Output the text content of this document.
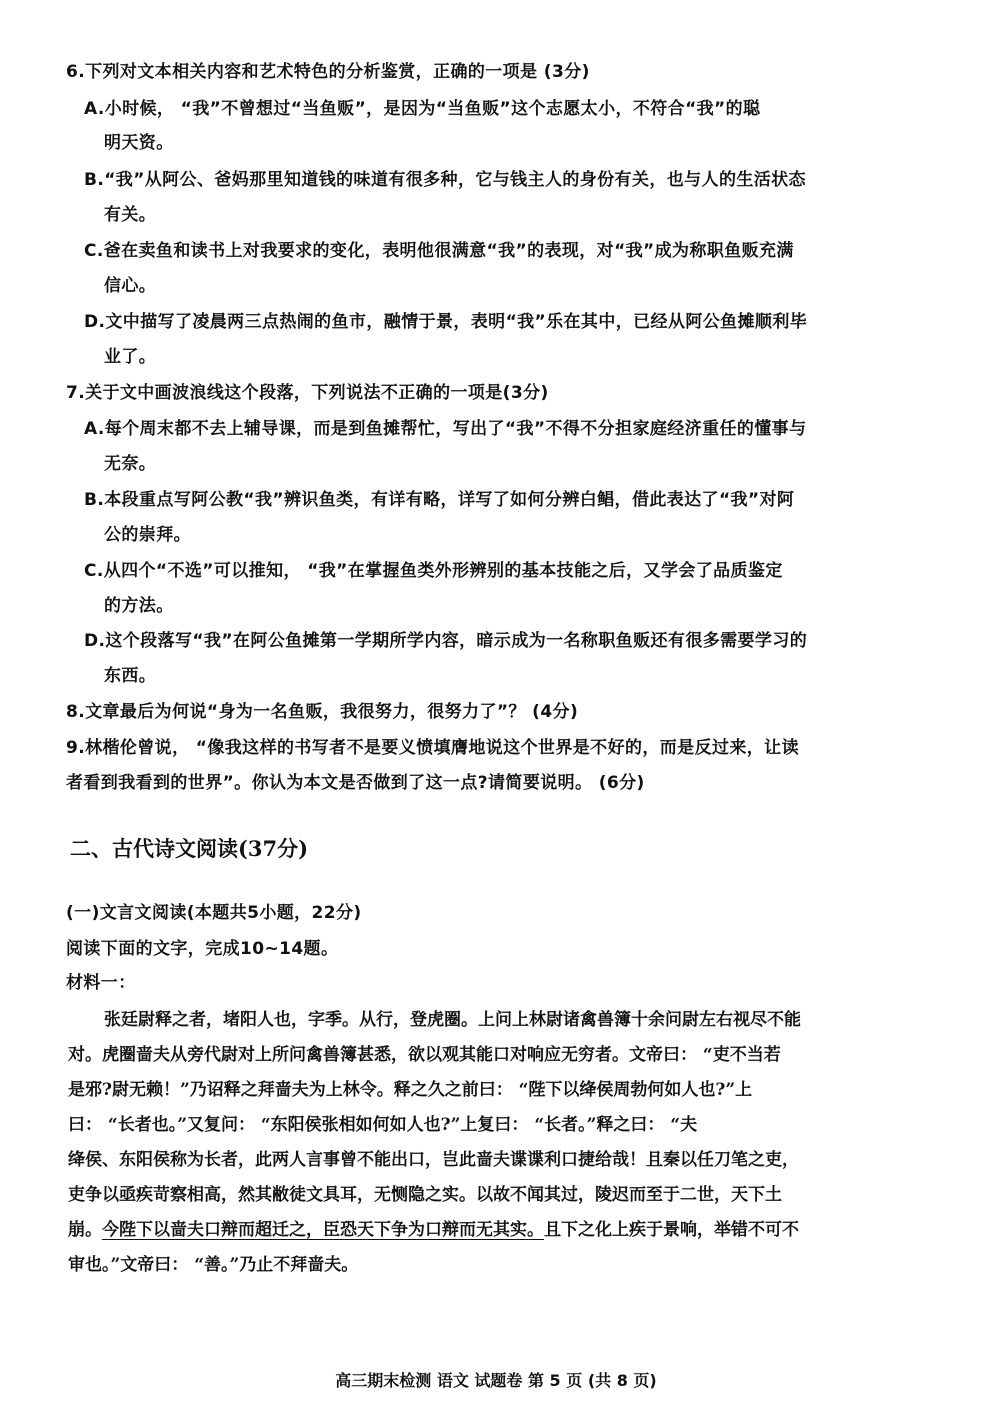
6.下列对文本相关内容和艺术特色的分析鉴赏，正确的一项是 (3分)
A.小时候， “我”不曾想过“当鱼贩”，是因为“当鱼贩”这个志愿太小，不符合“我”的聪
明天资。
B.“我”从阿公、爸妈那里知道钱的味道有很多种，它与钱主人的身份有关，也与人的生活状态
有关。
C.爸在卖鱼和读书上对我要求的变化，表明他很满意“我”的表现，对“我”成为称职鱼贩充满
信心。
D.文中描写了凌晨两三点热闹的鱼市，融情于景，表明“我”乐在其中，已经从阿公鱼摊顺利毕
业了。
7.关于文中画波浪线这个段落，下列说法不正确的一项是(3分)
A.每个周末都不去上辅导课，而是到鱼摊帮忙，写出了“我”不得不分担家庭经济重任的懂事与
无奈。
B.本段重点写阿公教“我”辨识鱼类，有详有略，详写了如何分辨白鲳，借此表达了“我”对阿
公的崇拜。
C.从四个“不选”可以推知， “我”在掌握鱼类外形辨别的基本技能之后，又学会了品质鉴定
的方法。
D.这个段落写“我”在阿公鱼摊第一学期所学内容，暗示成为一名称职鱼贩还有很多需要学习的
东西。
8.文章最后为何说“身为一名鱼贩，我很努力，很努力了”？ (4分)
9.林楷伦曾说， “像我这样的书写者不是要义愤填膺地说这个世界是不好的，而是反过来，让读
者看到我看到的世界”。你认为本文是否做到了这一点?请简要说明。 (6分)
二、古代诗文阅读(37分)
(一)文言文阅读(本题共5小题，22分)
阅读下面的文字，完成10~14题。
材料一：
张廷尉释之者，堵阳人也，字季。从行，登虎圈。上问上林尉诸禽兽簿十余问尉左右视尽不能
对。虎圈啬夫从旁代尉对上所问禽兽簿甚悉，欲以观其能口对响应无穷者。文帝曰： “吏不当若
是邪?尉无赖！”乃诏释之拜啬夫为上林令。释之久之前曰： “陛下以绛侯周勃何如人也?”上
曰： “长者也。”又复问： “东阳侯张相如何如人也?”上复曰： “长者。”释之曰： “夫
绛侯、东阳侯称为长者，此两人言事曾不能出口，岂此啬夫谍谍利口捷给哉！且秦以任刀笔之吏，
吏争以亟疾苛察相高，然其敝徒文具耳，无恻隐之实。以故不闻其过，陵迟而至于二世，天下土
崩。今陛下以啬夫口辩而超迁之，臣恐天下争为口辩而无其实。且下之化上疾于景响，举错不可不
审也。”文帝曰： “善。”乃止不拜啬夫。
高三期末检测 语文 试题卷 第 5 页 (共 8 页)
